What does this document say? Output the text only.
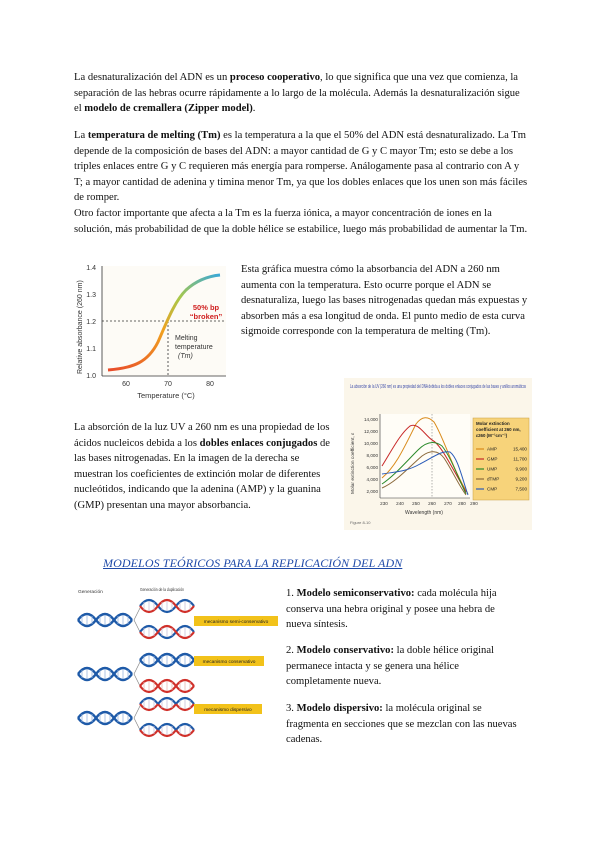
La desnaturalización del ADN es un proceso cooperativo, lo que significa que una vez que comienza, la separación de las hebras ocurre rápidamente a lo largo de la molécula. Además la desnaturalización sigue el modelo de cremallera (Zipper model).

La temperatura de melting (Tm) es la temperatura a la que el 50% del ADN está desnaturalizado. La Tm depende de la composición de bases del ADN: a mayor cantidad de G y C mayor Tm; esto se debe a los triples enlaces entre G y C requieren más energía para romperse. Análogamente pasa al contrario con A y T; a mayor cantidad de adenina y timina menor Tm, ya que los dobles enlaces que los unen son más fáciles de romper.

Otro factor importante que afecta a la Tm es la fuerza iónica, a mayor concentración de iones en la solución, más probabilidad de que la doble hélice se estabilice, luego más probabilidad de aumentar la Tm.

Relative absorbance (260 nm)
1.4
1.3
1.2
1.1
1.0
60	70	80
Temperature (°C)
50% bp
“broken”
Melting
temperature
(Tm)

Esta gráfica muestra cómo la absorbancia del ADN a 260 nm aumenta con la temperatura. Esto ocurre porque el ADN se desnaturaliza, luego las bases nitrogenadas quedan más expuestas y absorben más a esa longitud de onda. El punto medio de esta curva sigmoide corresponde con la temperatura de melting (Tm).

La absorción de la UV (260 nm) es una propiedad del DNA debida a los dobles enlaces conjugados de las bases y anillos aromáticos
Molar extinction coefficient, ε
14,000
12,000
10,000
8,000
6,000
4,000
2,000
230 240 250 260 270 280 290
Wavelength (nm)
Molar extinction
coefficient at 260 nm,
ε260 (M⁻¹cm⁻¹)
AMP	15,400
GMP	11,700
UMP	9,900
dTMP	9,200
CMP	7,500
Figure 8-10

La absorción de la luz UV a 260 nm es una propiedad de los ácidos nucleicos debida a los dobles enlaces conjugados de las bases nitrogenadas. En la imagen de la derecha se muestran los coeficientes de extinción molar de diferentes nucleótidos, indicando que la adenina (AMP) y la guanina (GMP) presentan una mayor absorbancia.

MODELOS TEÓRICOS PARA LA REPLICACIÓN DEL ADN
Generación
Generación de la duplicación
mecanismo semi-conservativo
mecanismo conservativo
mecanismo dispersivo

1. Modelo semiconservativo: cada molécula hija conserva una hebra original y posee una hebra de nueva síntesis.

2. Modelo conservativo: la doble hélice original permanece intacta y se genera una hélice completamente nueva.

3. Modelo dispersivo: la molécula original se fragmenta en secciones que se mezclan con las nuevas cadenas.
